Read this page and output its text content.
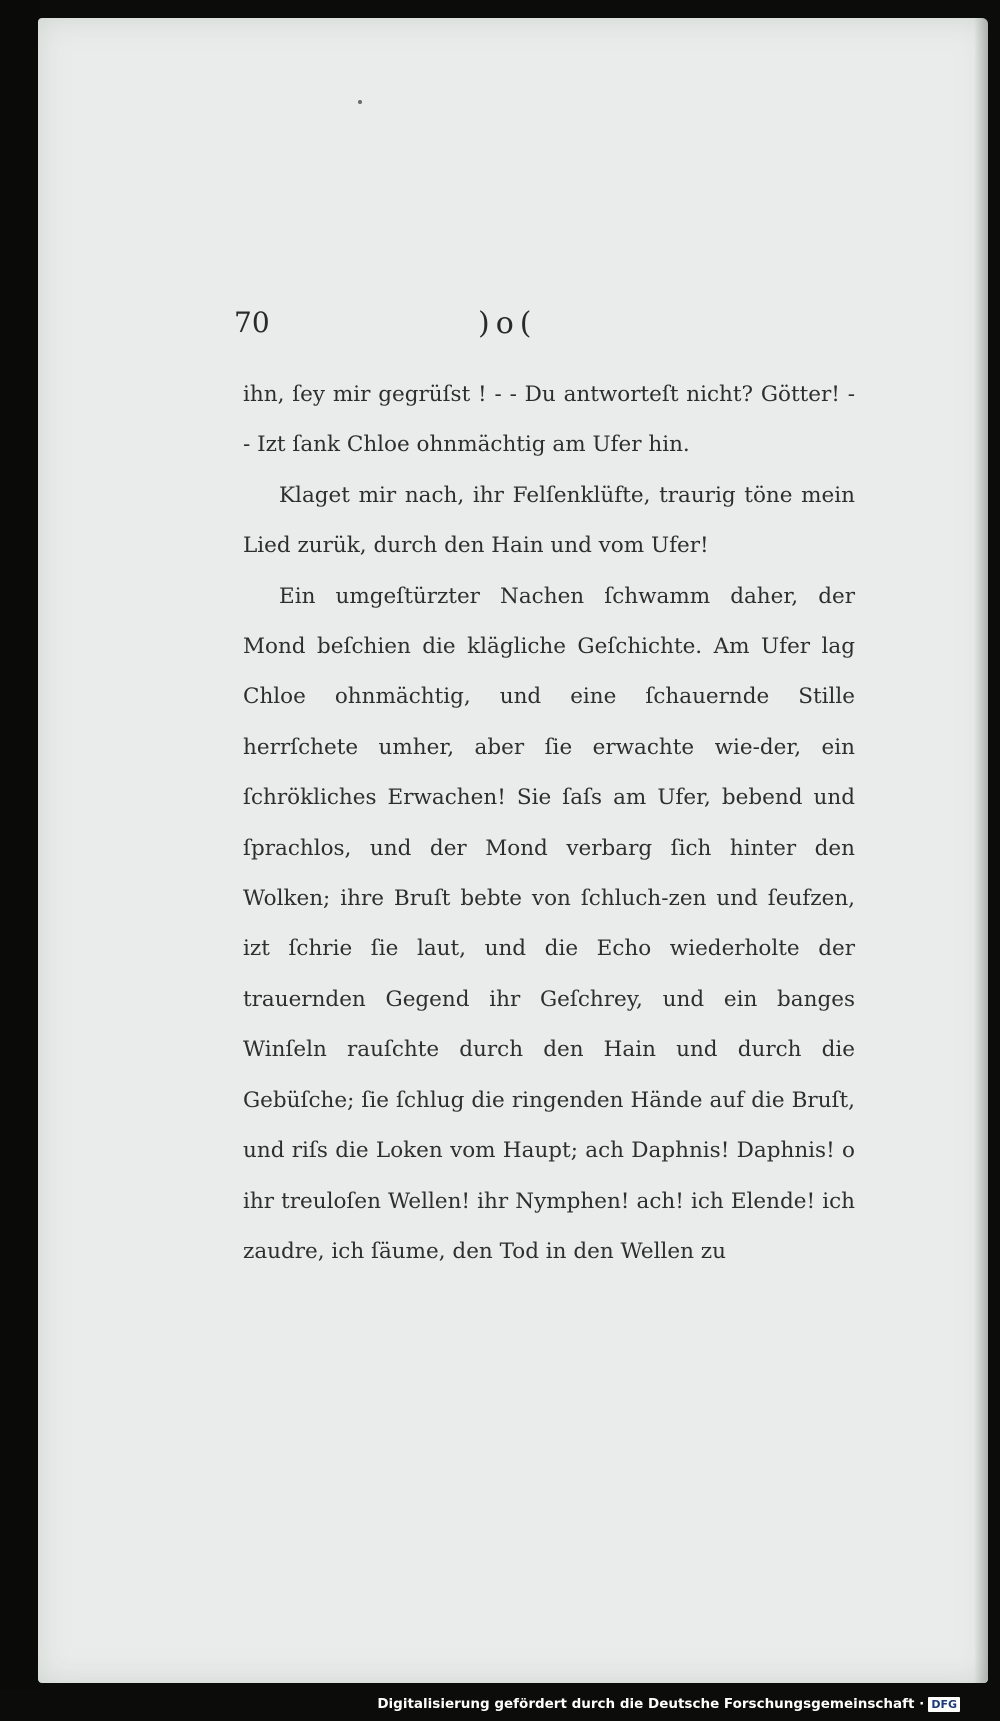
70	)o(

ihn, ſey mir gegrüſst ! - - Du antworteſt nicht? Götter! - - Izt ſank Chloe ohnmächtig am Ufer hin.

Klaget mir nach, ihr Felſenklüfte, traurig töne mein Lied zurük, durch den Hain und vom Ufer!

Ein umgeſtürzter Nachen ſchwamm daher, der Mond beſchien die klägliche Geſchichte. Am Ufer lag Chloe ohnmächtig, und eine ſchauernde Stille herrſchete umher, aber ſie erwachte wie-der, ein ſchrökliches Erwachen! Sie ſaſs am Ufer, bebend und ſprachlos, und der Mond verbarg ſich hinter den Wolken; ihre Bruſt bebte von ſchluch-zen und ſeufzen, izt ſchrie ſie laut, und die Echo wiederholte der trauernden Gegend ihr Geſchrey, und ein banges Winſeln rauſchte durch den Hain und durch die Gebüſche; ſie ſchlug die ringenden Hände auf die Bruſt, und riſs die Loken vom Haupt; ach Daphnis! Daphnis! o ihr treuloſen Wellen! ihr Nymphen! ach! ich Elende! ich zaudre, ich ſäume, den Tod in den Wellen zu

Digitalisierung gefördert durch die Deutsche Forschungsgemeinschaft · DFG
